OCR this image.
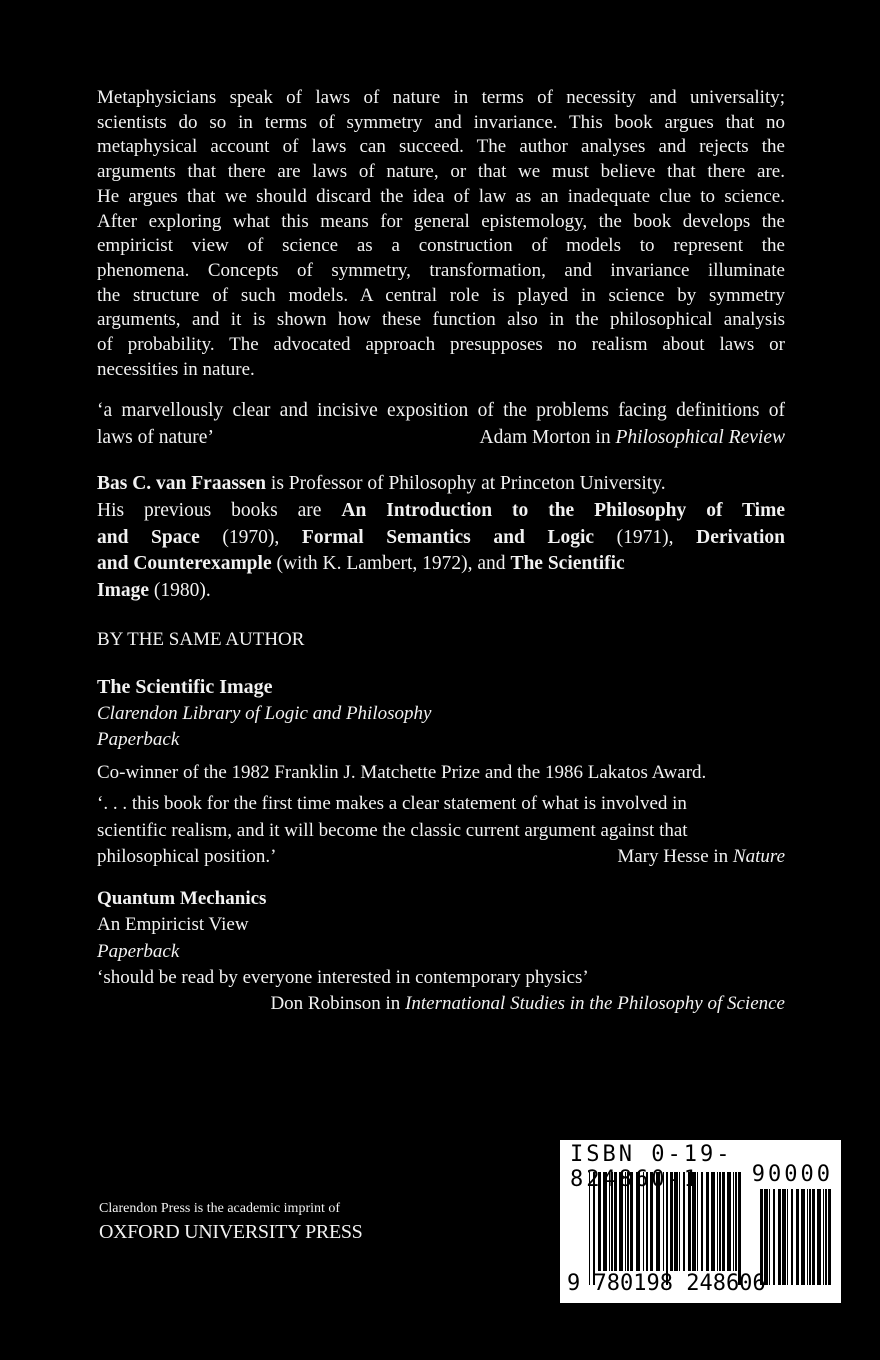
Metaphysicians speak of laws of nature in terms of necessity and universality;
scientists do so in terms of symmetry and invariance. This book argues that no
metaphysical account of laws can succeed. The author analyses and rejects the
arguments that there are laws of nature, or that we must believe that there are.
He argues that we should discard the idea of law as an inadequate clue to science.
After exploring what this means for general epistemology, the book develops the
empiricist view of science as a construction of models to represent the
phenomena. Concepts of symmetry, transformation, and invariance illuminate
the structure of such models. A central role is played in science by symmetry
arguments, and it is shown how these function also in the philosophical analysis
of probability. The advocated approach presupposes no realism about laws or
necessities in nature.
‘a marvellously clear and incisive exposition of the problems facing definitions of
laws of nature’	Adam Morton in Philosophical Review
Bas C. van Fraassen is Professor of Philosophy at Princeton University.
His previous books are An Introduction to the Philosophy of Time
and Space (1970), Formal Semantics and Logic (1971), Derivation
and Counterexample (with K. Lambert, 1972), and The Scientific
Image (1980).
BY THE SAME AUTHOR
The Scientific Image
Clarendon Library of Logic and Philosophy
Paperback
Co-winner of the 1982 Franklin J. Matchette Prize and the 1986 Lakatos Award.
‘. . . this book for the first time makes a clear statement of what is involved in
scientific realism, and it will become the classic current argument against that
philosophical position.’	Mary Hesse in Nature
Quantum Mechanics
An Empiricist View
Paperback
‘should be read by everyone interested in contemporary physics’
Don Robinson in International Studies in the Philosophy of Science
Clarendon Press is the academic imprint of
OXFORD UNIVERSITY PRESS
ISBN 0-19-824860-1	90000
9 780198 248606
